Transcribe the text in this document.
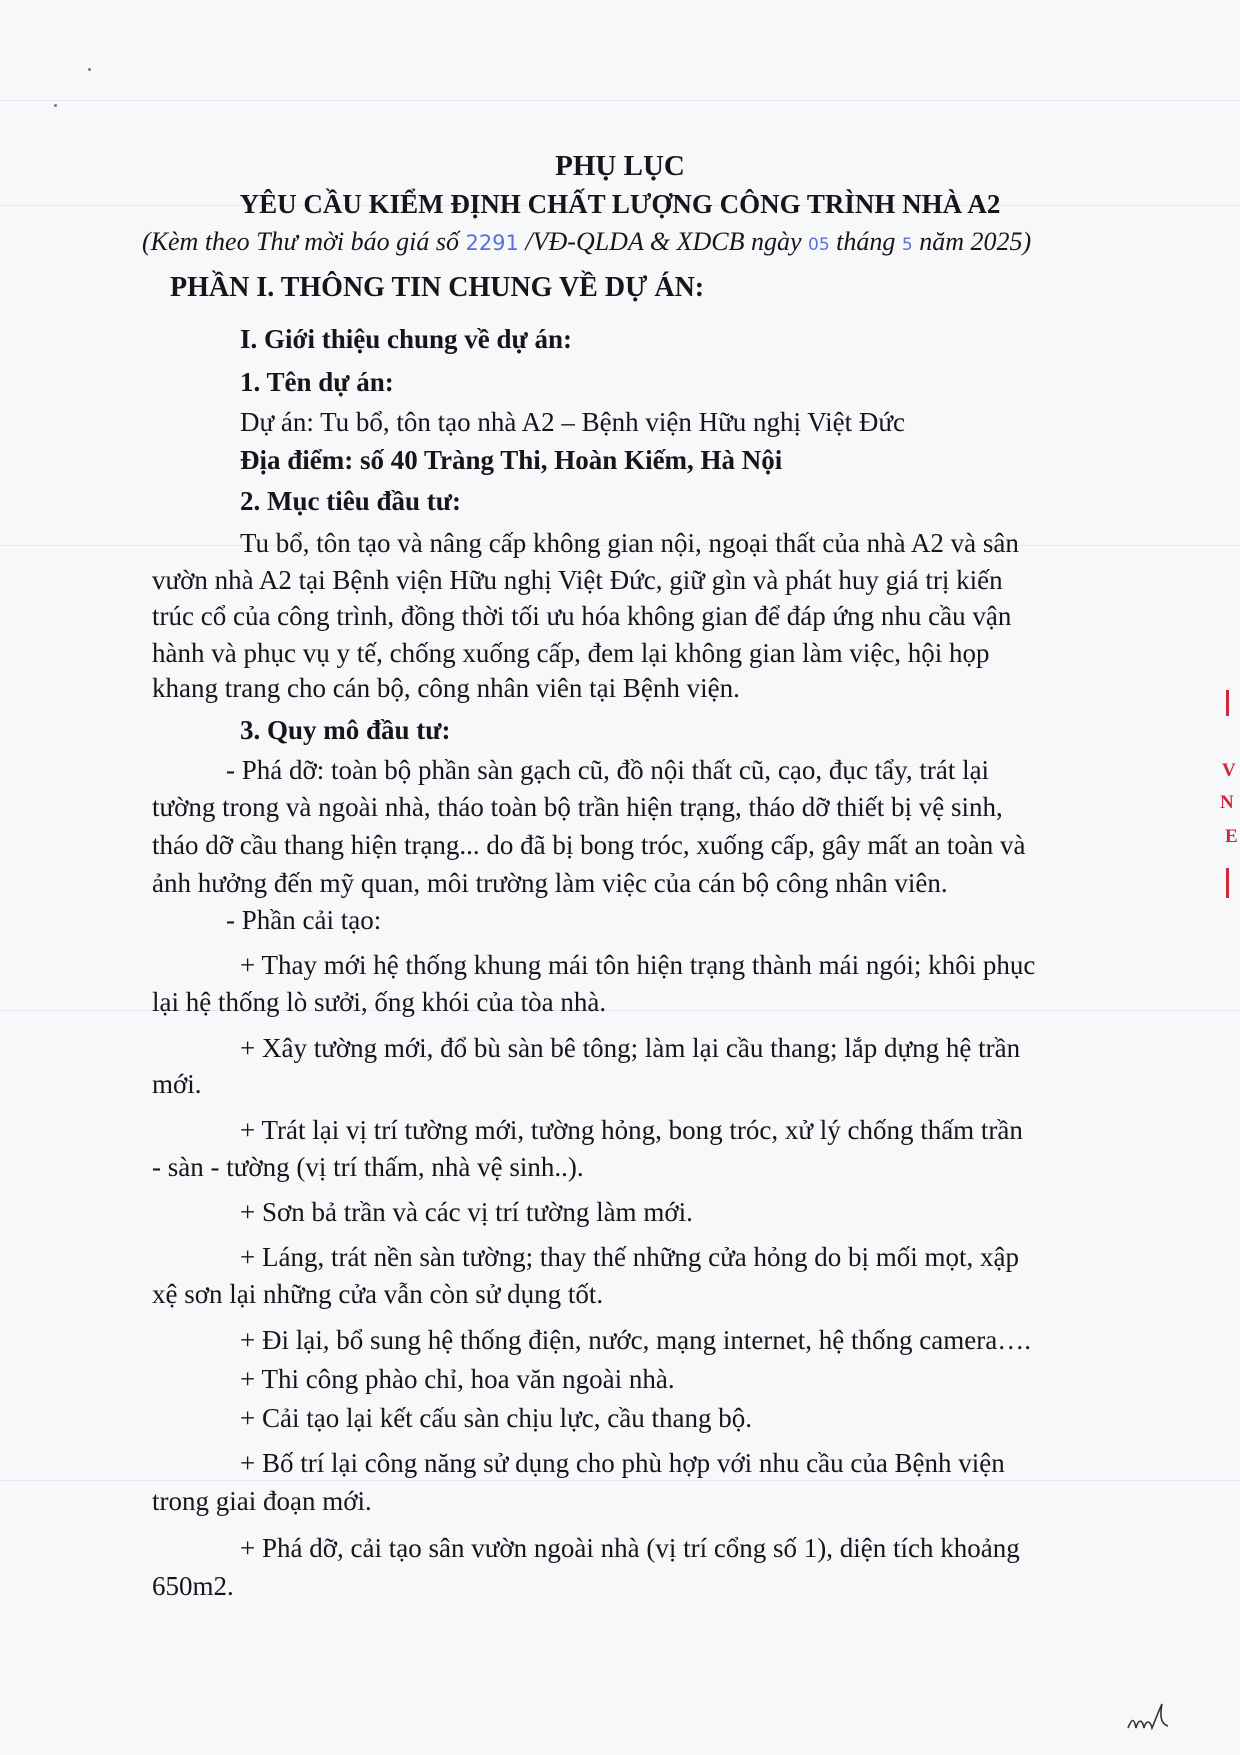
PHỤ LỤC
YÊU CẦU KIỂM ĐỊNH CHẤT LƯỢNG CÔNG TRÌNH NHÀ A2
(Kèm theo Thư mời báo giá số 2291 /VĐ-QLDA & XDCB ngày 05 tháng 5 năm 2025)
PHẦN I. THÔNG TIN CHUNG VỀ DỰ ÁN:
I. Giới thiệu chung về dự án:
1. Tên dự án:
Dự án: Tu bổ, tôn tạo nhà A2 – Bệnh viện Hữu nghị Việt Đức
Địa điểm: số 40 Tràng Thi, Hoàn Kiếm, Hà Nội
2. Mục tiêu đầu tư:
Tu bổ, tôn tạo và nâng cấp không gian nội, ngoại thất của nhà A2 và sân
vườn nhà A2 tại Bệnh viện Hữu nghị Việt Đức, giữ gìn và phát huy giá trị kiến
trúc cổ của công trình, đồng thời tối ưu hóa không gian để đáp ứng nhu cầu vận
hành và phục vụ y tế, chống xuống cấp, đem lại không gian làm việc, hội họp
khang trang cho cán bộ, công nhân viên tại Bệnh viện.
3. Quy mô đầu tư:
- Phá dỡ: toàn bộ phần sàn gạch cũ, đồ nội thất cũ, cạo, đục tẩy, trát lại
tường trong và ngoài nhà, tháo toàn bộ trần hiện trạng, tháo dỡ thiết bị vệ sinh,
tháo dỡ cầu thang hiện trạng... do đã bị bong tróc, xuống cấp, gây mất an toàn và
ảnh hưởng đến mỹ quan, môi trường làm việc của cán bộ công nhân viên.
- Phần cải tạo:
+ Thay mới hệ thống khung mái tôn hiện trạng thành mái ngói; khôi phục
lại hệ thống lò sưởi, ống khói của tòa nhà.
+ Xây tường mới, đổ bù sàn bê tông; làm lại cầu thang; lắp dựng hệ trần
mới.
+ Trát lại vị trí tường mới, tường hỏng, bong tróc, xử lý chống thấm trần
- sàn - tường (vị trí thấm, nhà vệ sinh..).
+ Sơn bả trần và các vị trí tường làm mới.
+ Láng, trát nền sàn tường; thay thế những cửa hỏng do bị mối mọt, xập
xệ sơn lại những cửa vẫn còn sử dụng tốt.
+ Đi lại, bổ sung hệ thống điện, nước, mạng internet, hệ thống camera….
+ Thi công phào chỉ, hoa văn ngoài nhà.
+ Cải tạo lại kết cấu sàn chịu lực, cầu thang bộ.
+ Bố trí lại công năng sử dụng cho phù hợp với nhu cầu của Bệnh viện
trong giai đoạn mới.
+ Phá dỡ, cải tạo sân vườn ngoài nhà (vị trí cổng số 1), diện tích khoảng
650m2.
V
N
E
